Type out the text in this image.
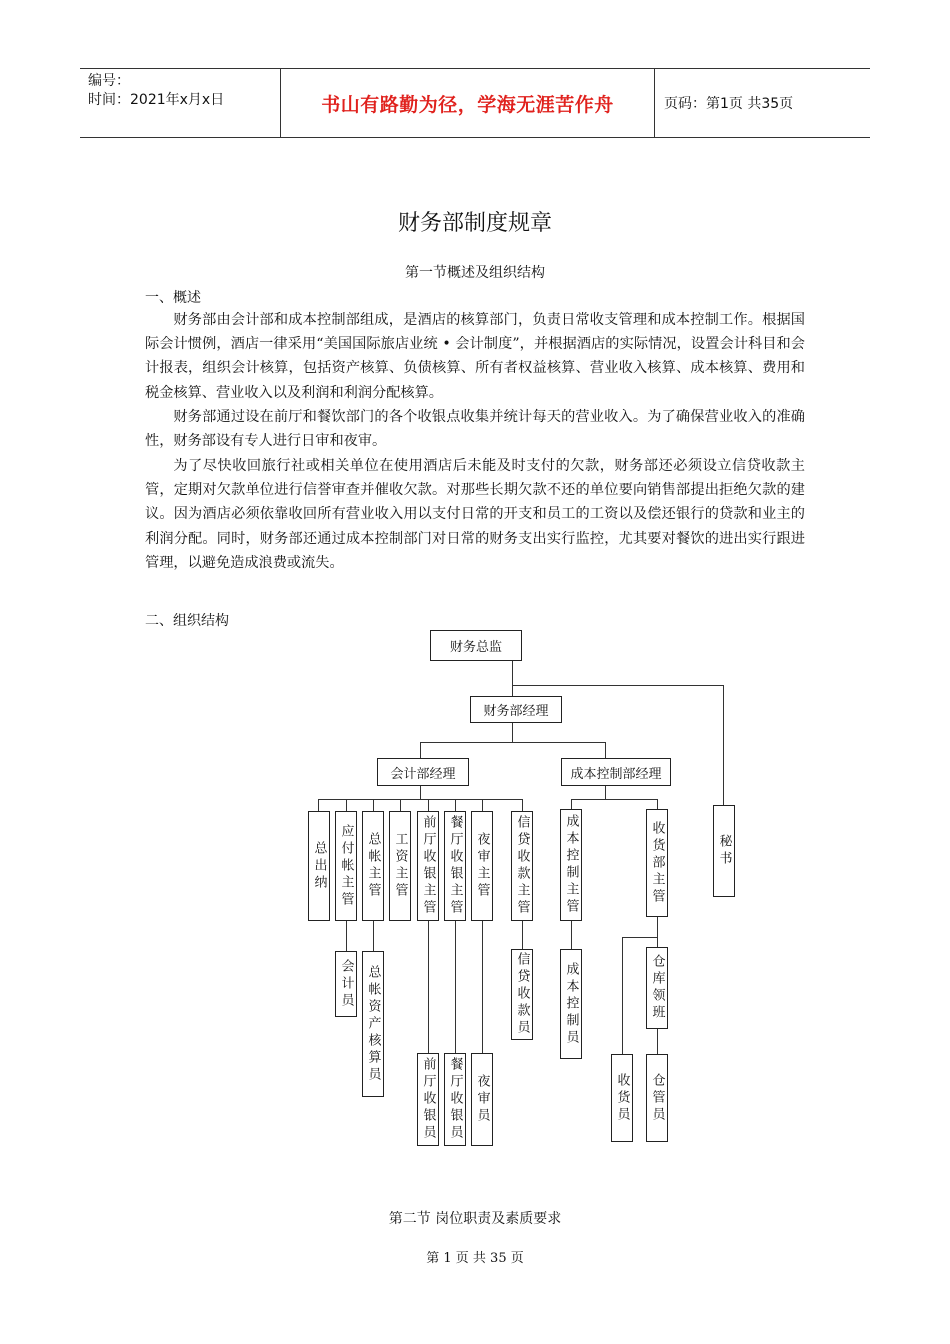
编号：
时间：2021年x月x日	书山有路勤为径，学海无涯苦作舟	页码：第1页 共35页
财务部制度规章
第一节概述及组织结构
一、概述

财务部由会计部和成本控制部组成，是酒店的核算部门，负责日常收支管理和成本控制工作。根据国际会计惯例，酒店一律采用“美国国际旅店业统 • 会计制度”，并根据酒店的实际情况，设置会计科目和会计报表，组织会计核算，包括资产核算、负债核算、所有者权益核算、营业收入核算、成本核算、费用和税金核算、营业收入以及利润和利润分配核算。

财务部通过设在前厅和餐饮部门的各个收银点收集并统计每天的营业收入。为了确保营业收入的准确性，财务部设有专人进行日审和夜审。

为了尽快收回旅行社或相关单位在使用酒店后未能及时支付的欠款，财务部还必须设立信贷收款主管，定期对欠款单位进行信誉审查并催收欠款。对那些长期欠款不还的单位要向销售部提出拒绝欠款的建议。因为酒店必须依靠收回所有营业收入用以支付日常的开支和员工的工资以及偿还银行的贷款和业主的利润分配。同时，财务部还通过成本控制部门对日常的财务支出实行监控，尤其要对餐饮的进出实行跟进管理，以避免造成浪费或流失。

二、组织结构
财务总监
财务部经理
会计部经理	成本控制部经理
总出纳 应付帐主管 总帐主管 工资主管 前厅收银主管 餐厅收银主管 夜审主管 信贷收款主管	成本控制主管	收货部主管	秘书
会计员 总帐资产核算员
前厅收银员 餐厅收银员 夜审员
信贷收款员	成本控制员	仓库领班
收货员 仓管员
第二节 岗位职责及素质要求
第 1 页 共 35 页
